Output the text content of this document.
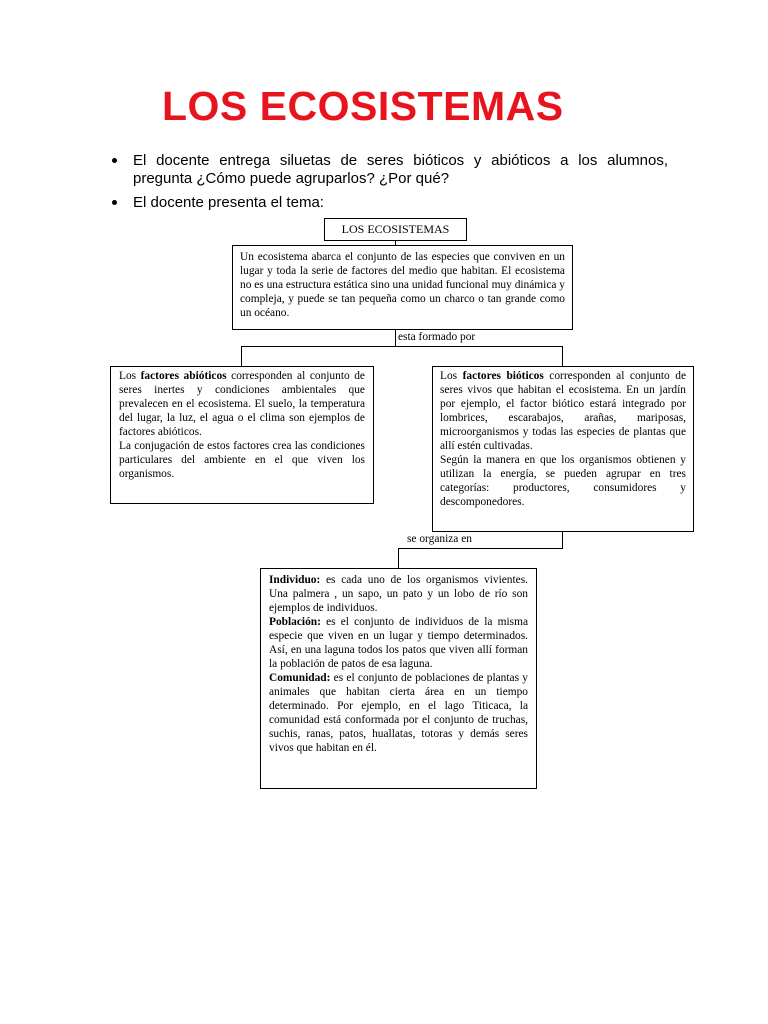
LOS ECOSISTEMAS
El docente entrega siluetas de seres bióticos y abióticos a los alumnos, pregunta ¿Cómo puede agruparlos? ¿Por qué?
El docente presenta el tema:
LOS ECOSISTEMAS

Un ecosistema abarca el conjunto de las especies que conviven en un lugar y toda la serie de factores del medio que habitan. El ecosistema no es una estructura estática sino una unidad funcional muy dinámica y compleja, y puede se tan pequeña como un charco o tan grande como un océano.

esta formado por

Los factores abióticos corresponden al conjunto de seres inertes y condiciones ambientales que prevalecen en el ecosistema. El suelo, la temperatura del lugar, la luz, el agua o el clima son ejemplos de factores abióticos.

La conjugación de estos factores crea las condiciones particulares del ambiente en el que viven los organismos.

Los factores bióticos corresponden al conjunto de seres vivos que habitan el ecosistema. En un jardín por ejemplo, el factor biótico estará integrado por lombrices, escarabajos, arañas, mariposas, microorganismos y todas las especies de plantas que allí estén cultivadas.

Según la manera en que los organismos obtienen y utilizan la energía, se pueden agrupar en tres categorías: productores, consumidores y descomponedores.

se organiza en

Individuo: es cada uno de los organismos vivientes. Una palmera , un sapo, un pato y un lobo de río son ejemplos de individuos.

Población: es el conjunto de individuos de la misma especie que viven en un lugar y tiempo determinados. Así, en una laguna todos los patos que viven allí forman la población de patos de esa laguna.

Comunidad: es el conjunto de poblaciones de plantas y animales que habitan cierta área en un tiempo determinado. Por ejemplo, en el lago Titicaca, la comunidad está conformada por el conjunto de truchas, suchis, ranas, patos, huallatas, totoras y demás seres vivos que habitan en él.
